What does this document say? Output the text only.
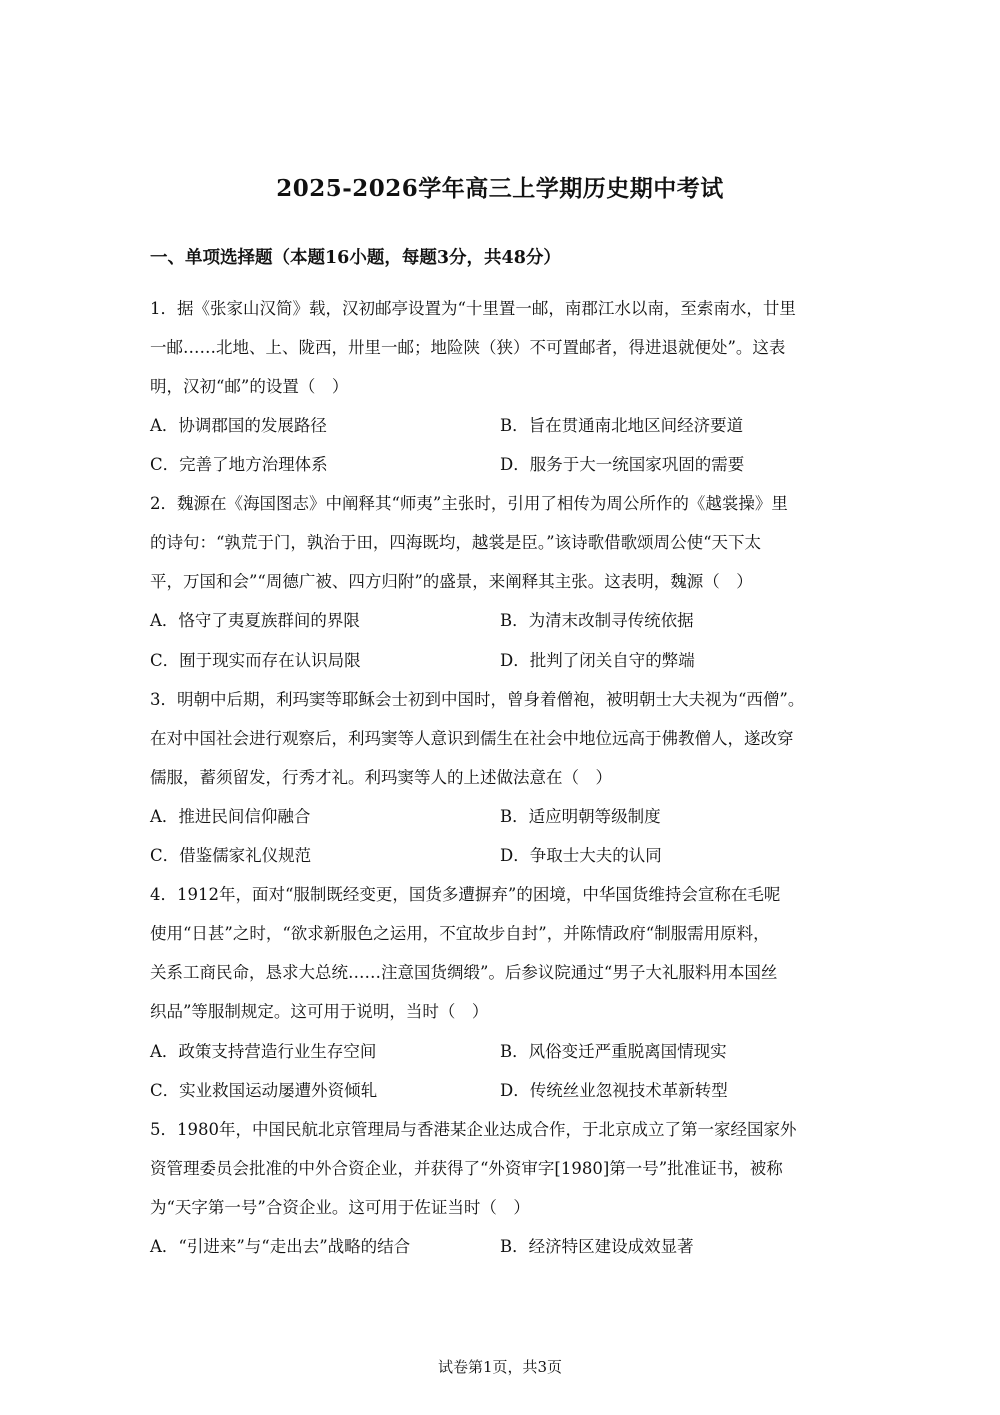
2025-2026学年高三上学期历史期中考试
一、单项选择题（本题16小题，每题3分，共48分）
1．据《张家山汉简》载，汉初邮亭设置为“十里置一邮，南郡江水以南，至索南水，廿里
一邮……北地、上、陇西，卅里一邮；地险陕（狭）不可置邮者，得进退就便处”。这表
明，汉初“邮”的设置（　）
A．协调郡国的发展路径	B．旨在贯通南北地区间经济要道
C．完善了地方治理体系	D．服务于大一统国家巩固的需要
2．魏源在《海国图志》中阐释其“师夷”主张时，引用了相传为周公所作的《越裳操》里
的诗句：“孰荒于门，孰治于田，四海既均，越裳是臣。”该诗歌借歌颂周公使“天下太
平，万国和会”“周德广被、四方归附”的盛景，来阐释其主张。这表明，魏源（　）
A．恪守了夷夏族群间的界限	B．为清末改制寻传统依据
C．囿于现实而存在认识局限	D．批判了闭关自守的弊端
3．明朝中后期，利玛窦等耶稣会士初到中国时，曾身着僧袍，被明朝士大夫视为“西僧”。
在对中国社会进行观察后，利玛窦等人意识到儒生在社会中地位远高于佛教僧人，遂改穿
儒服，蓄须留发，行秀才礼。利玛窦等人的上述做法意在（　）
A．推进民间信仰融合	B．适应明朝等级制度
C．借鉴儒家礼仪规范	D．争取士大夫的认同
4．1912年，面对“服制既经变更，国货多遭摒弃”的困境，中华国货维持会宣称在毛呢
使用“日甚”之时，“欲求新服色之运用，不宜故步自封”，并陈情政府“制服需用原料，
关系工商民命，恳求大总统……注意国货绸缎”。后参议院通过“男子大礼服料用本国丝
织品”等服制规定。这可用于说明，当时（　）
A．政策支持营造行业生存空间	B．风俗变迁严重脱离国情现实
C．实业救国运动屡遭外资倾轧	D．传统丝业忽视技术革新转型
5．1980年，中国民航北京管理局与香港某企业达成合作，于北京成立了第一家经国家外
资管理委员会批准的中外合资企业，并获得了“外资审字[1980]第一号”批准证书，被称
为“天字第一号”合资企业。这可用于佐证当时（　）
A．“引进来”与“走出去”战略的结合	B．经济特区建设成效显著
试卷第1页，共3页
